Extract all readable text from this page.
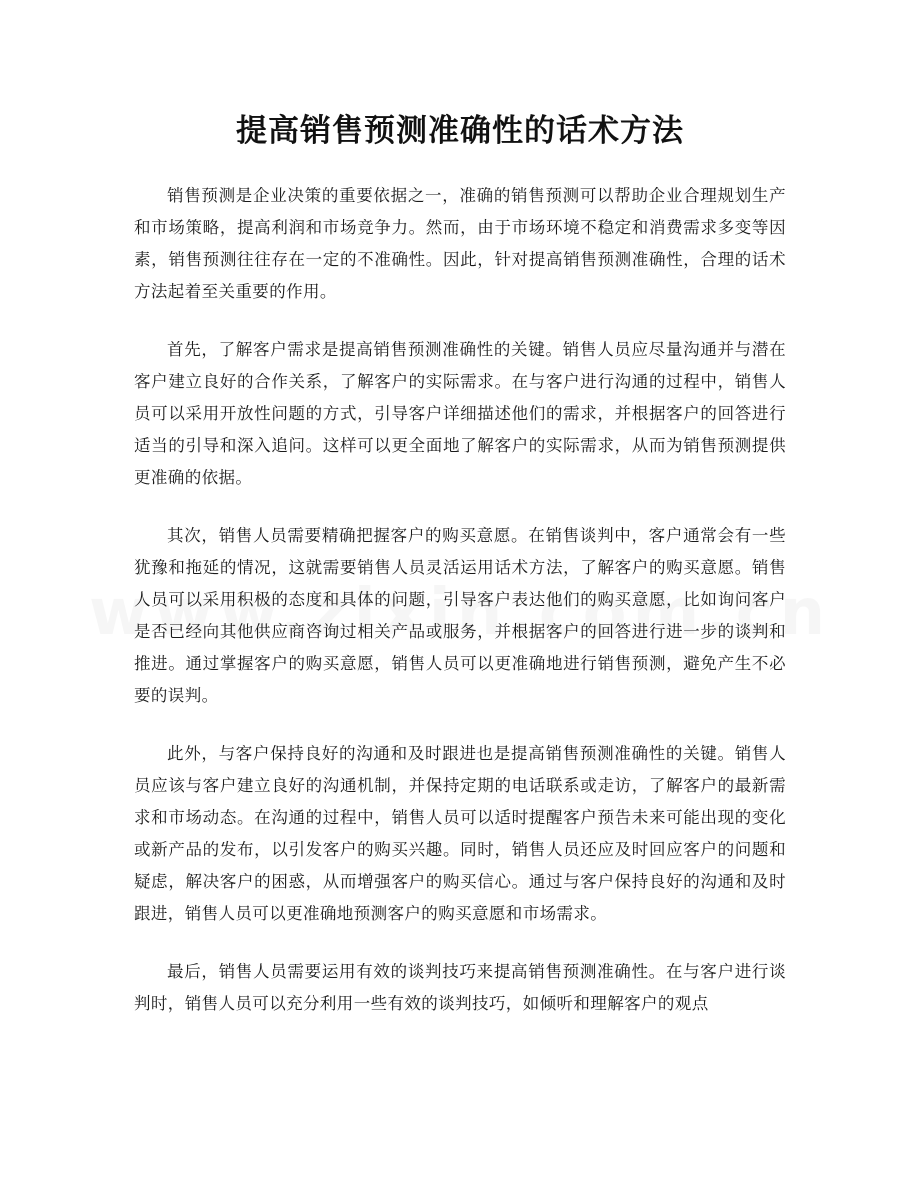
提高销售预测准确性的话术方法

销售预测是企业决策的重要依据之一，准确的销售预测可以帮助企业合理规划生产和市场策略，提高利润和市场竞争力。然而，由于市场环境不稳定和消费需求多变等因素，销售预测往往存在一定的不准确性。因此，针对提高销售预测准确性，合理的话术方法起着至关重要的作用。

首先，了解客户需求是提高销售预测准确性的关键。销售人员应尽量沟通并与潜在客户建立良好的合作关系，了解客户的实际需求。在与客户进行沟通的过程中，销售人员可以采用开放性问题的方式，引导客户详细描述他们的需求，并根据客户的回答进行适当的引导和深入追问。这样可以更全面地了解客户的实际需求，从而为销售预测提供更准确的依据。

其次，销售人员需要精确把握客户的购买意愿。在销售谈判中，客户通常会有一些犹豫和拖延的情况，这就需要销售人员灵活运用话术方法，了解客户的购买意愿。销售人员可以采用积极的态度和具体的问题，引导客户表达他们的购买意愿，比如询问客户是否已经向其他供应商咨询过相关产品或服务，并根据客户的回答进行进一步的谈判和推进。通过掌握客户的购买意愿，销售人员可以更准确地进行销售预测，避免产生不必要的误判。

此外，与客户保持良好的沟通和及时跟进也是提高销售预测准确性的关键。销售人员应该与客户建立良好的沟通机制，并保持定期的电话联系或走访，了解客户的最新需求和市场动态。在沟通的过程中，销售人员可以适时提醒客户预告未来可能出现的变化或新产品的发布，以引发客户的购买兴趣。同时，销售人员还应及时回应客户的问题和疑虑，解决客户的困惑，从而增强客户的购买信心。通过与客户保持良好的沟通和及时跟进，销售人员可以更准确地预测客户的购买意愿和市场需求。

最后，销售人员需要运用有效的谈判技巧来提高销售预测准确性。在与客户进行谈判时，销售人员可以充分利用一些有效的谈判技巧，如倾听和理解客户的观点
